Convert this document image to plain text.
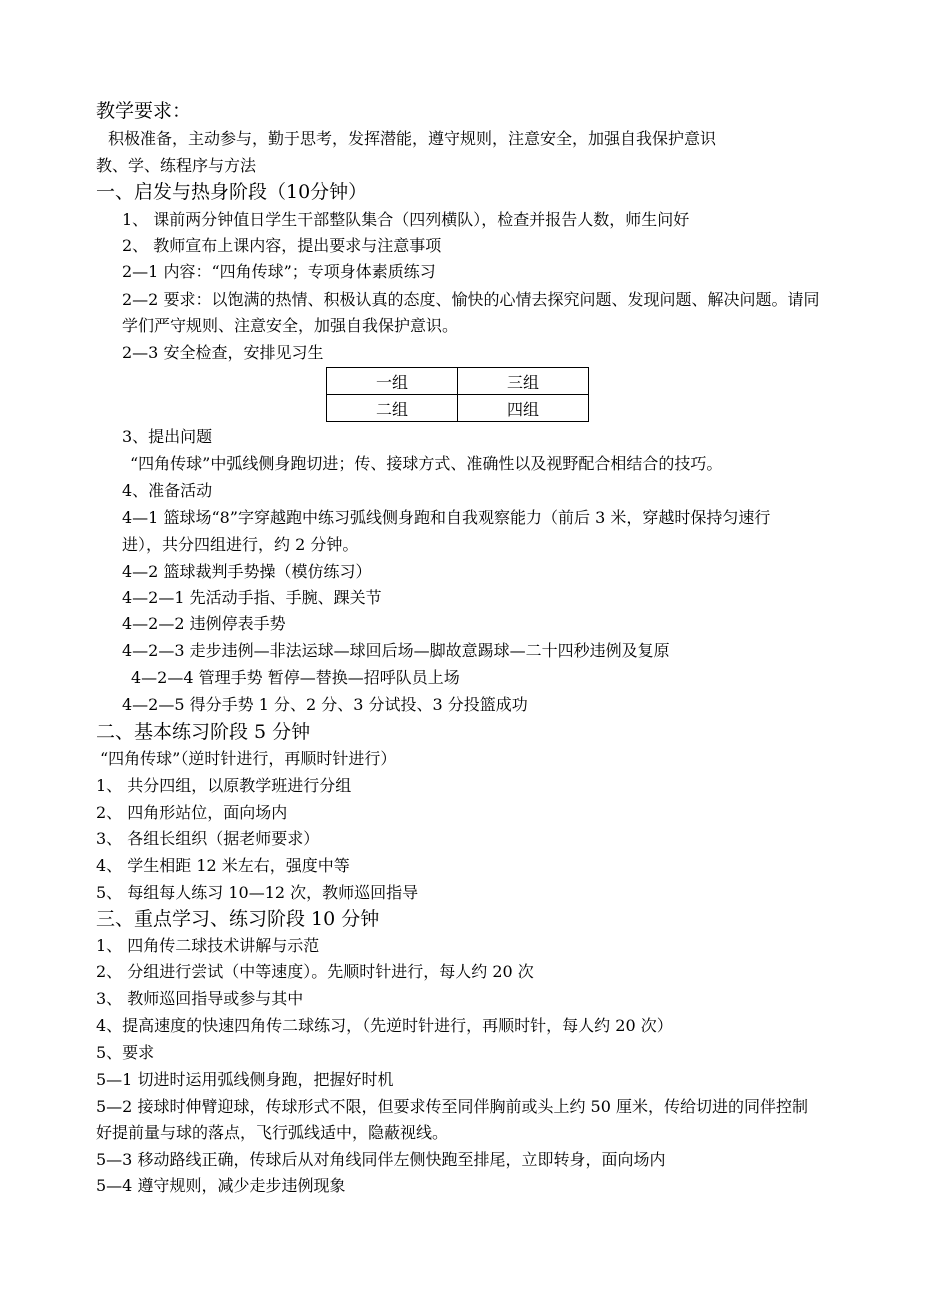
教学要求：
积极准备，主动参与，勤于思考，发挥潜能，遵守规则，注意安全，加强自我保护意识
教、学、练程序与方法
一、启发与热身阶段（10分钟）
1、 课前两分钟值日学生干部整队集合（四列横队），检查并报告人数，师生问好
2、 教师宣布上课内容，提出要求与注意事项
2—1 内容：“四角传球”；专项身体素质练习
2—2 要求：以饱满的热情、积极认真的态度、愉快的心情去探究问题、发现问题、解决问题。请同
学们严守规则、注意安全，加强自我保护意识。
2—3 安全检查，安排见习生
一组	三组
二组	四组
3、提出问题
“四角传球”中弧线侧身跑切进；传、接球方式、准确性以及视野配合相结合的技巧。
4、准备活动
4—1 篮球场“8”字穿越跑中练习弧线侧身跑和自我观察能力（前后 3 米，穿越时保持匀速行
进），共分四组进行，约 2 分钟。
4—2 篮球裁判手势操（模仿练习）
4—2—1 先活动手指、手腕、踝关节
4—2—2 违例停表手势
4—2—3 走步违例—非法运球—球回后场—脚故意踢球—二十四秒违例及复原
4—2—4 管理手势 暂停—替换—招呼队员上场
4—2—5 得分手势 1 分、2 分、3 分试投、3 分投篮成功
二、基本练习阶段 5 分钟
“四角传球”（逆时针进行，再顺时针进行）
1、 共分四组，以原教学班进行分组
2、 四角形站位，面向场内
3、 各组长组织（据老师要求）
4、 学生相距 12 米左右，强度中等
5、 每组每人练习 10—12 次，教师巡回指导
三、重点学习、练习阶段 10 分钟
1、 四角传二球技术讲解与示范
2、 分组进行尝试（中等速度）。先顺时针进行，每人约 20 次
3、 教师巡回指导或参与其中
4、提高速度的快速四角传二球练习，（先逆时针进行，再顺时针，每人约 20 次）
5、要求
5—1 切进时运用弧线侧身跑，把握好时机
5—2 接球时伸臂迎球，传球形式不限，但要求传至同伴胸前或头上约 50 厘米，传给切进的同伴控制
好提前量与球的落点，飞行弧线适中，隐蔽视线。
5—3 移动路线正确，传球后从对角线同伴左侧快跑至排尾，立即转身，面向场内
5—4 遵守规则，减少走步违例现象
